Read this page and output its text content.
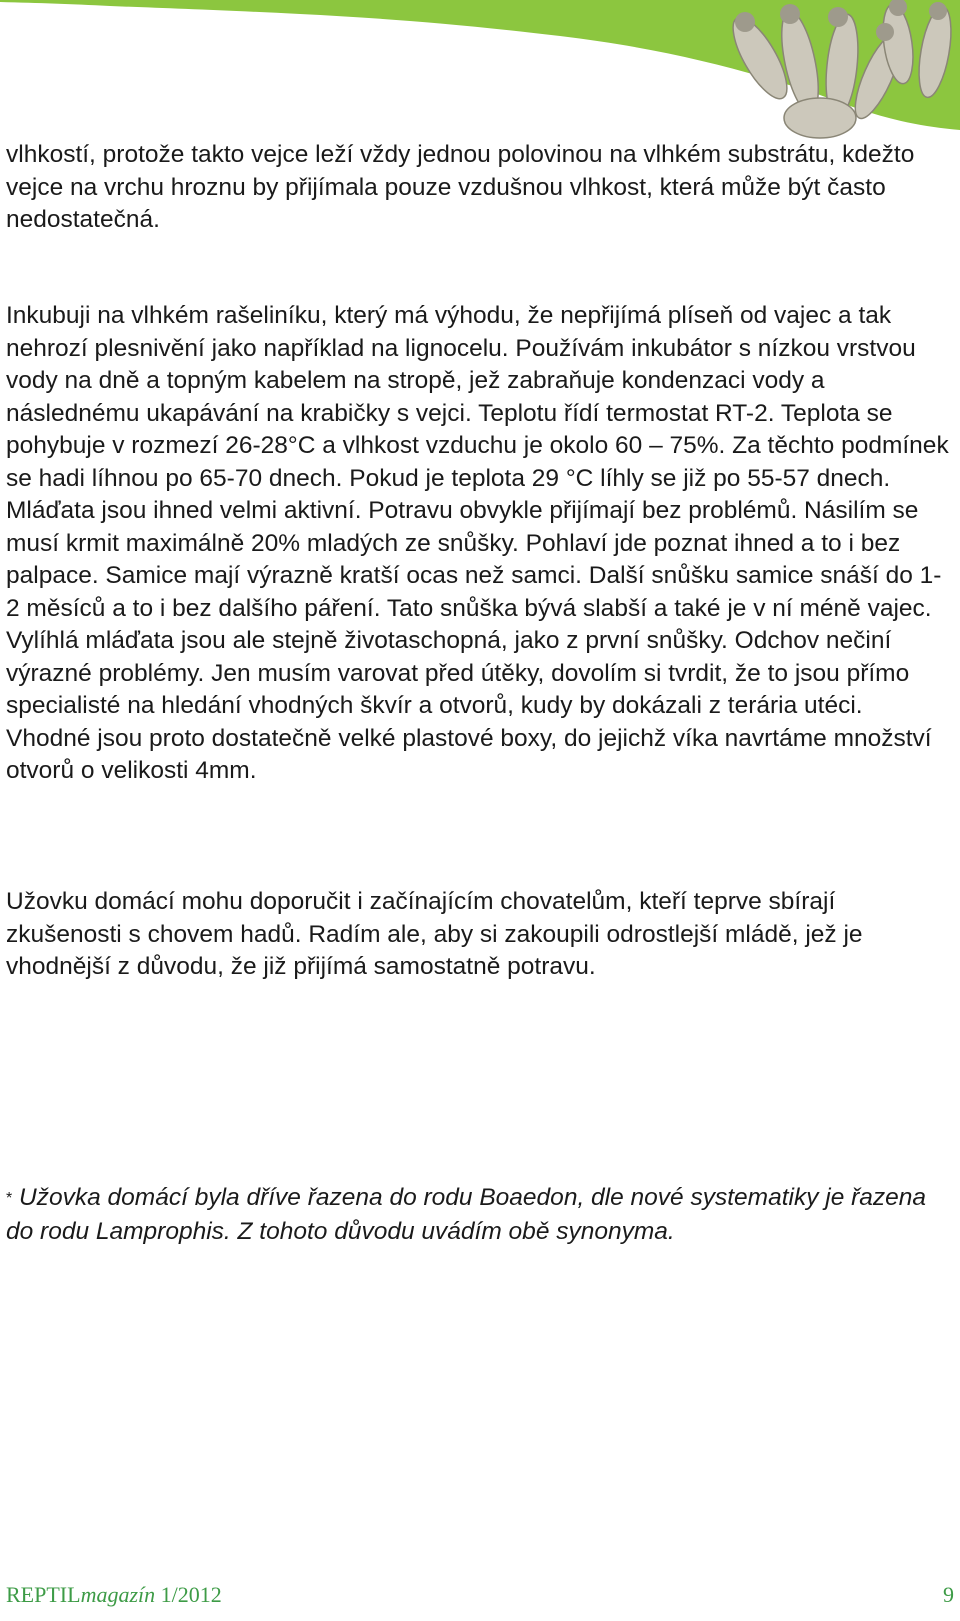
vlhkostí, protože takto vejce leží vždy jednou polovinou na vlhkém substrátu, kdežto vejce na vrchu hroznu by přijímala pouze vzdušnou vlhkost, která může být často nedostatečná.

Inkubuji na vlhkém rašeliníku, který má výhodu, že nepřijímá plíseň od vajec a tak nehrozí plesnivění jako například na lignocelu. Používám inkubátor s nízkou vrstvou vody na dně a topným kabelem na stropě, jež zabraňuje kondenzaci vody a následnému ukapávání na krabičky s vejci. Teplotu řídí termostat RT-2. Teplota se pohybuje v rozmezí 26-28°C a vlhkost vzduchu je okolo 60 – 75%. Za těchto podmínek se hadi líhnou po 65-70 dnech. Pokud je teplota 29 °C líhly se již po 55-57 dnech. Mláďata jsou ihned velmi aktivní. Potravu obvykle přijímají bez problémů. Násilím se musí krmit maximálně 20% mladých ze snůšky. Pohlaví jde poznat ihned a to i bez palpace. Samice mají výrazně kratší ocas než samci. Další snůšku samice snáší do 1-2 měsíců a to i bez dalšího páření. Tato snůška bývá slabší a také je v ní méně vajec. Vylíhlá mláďata jsou ale stejně životaschopná, jako z první snůšky. Odchov nečiní výrazné problémy. Jen musím varovat před útěky, dovolím si tvrdit, že to jsou přímo specialisté na hledání vhodných škvír a otvorů, kudy by dokázali z terária utéci. Vhodné jsou proto dostatečně velké plastové boxy, do jejichž víka navrtáme množství otvorů o velikosti 4mm.

Užovku domácí mohu doporučit i začínajícím chovatelům, kteří teprve sbírají zkušenosti s chovem hadů. Radím ale, aby si zakoupili odrostlejší mládě, jež je vhodnější z důvodu, že již přijímá samostatně potravu.

* Užovka domácí byla dříve řazena do rodu Boaedon, dle nové systematiky je řazena do rodu Lamprophis. Z tohoto důvodu uvádím obě synonyma.

REPTILmagazín 1/2012	9
